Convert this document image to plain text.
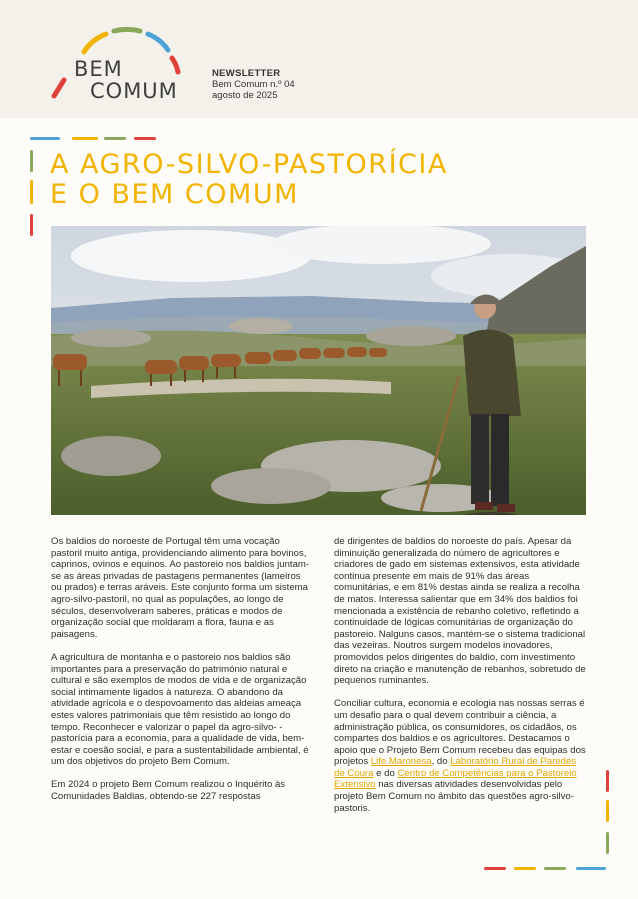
BEM
COMUM
NEWSLETTER
Bem Comum n.º 04
agosto de 2025
A AGRO-SILVO-PASTORÍCIA
E O BEM COMUM

Os baldios do noroeste de Portugal têm uma vocação pastoril muito antiga, providenciando alimento para bovinos, caprinos, ovinos e equinos. Ao pastoreio nos baldios juntam-se as áreas privadas de pastagens permanentes (lameiros ou prados) e terras aráveis. Este conjunto forma um sistema agro-silvo-pastoril, no qual as populações, ao longo de séculos, desenvolveram saberes, práticas e modos de organização social que moldaram a flora, fauna e as paisagens.

A agricultura de montanha e o pastoreio nos baldios são importantes para a preservação do património natural e cultural e são exemplos de modos de vida e de organização social intimamente ligados à natureza. O abandono da atividade agrícola e o despovoamento das aldeias ameaça estes valores patrimoniais que têm resistido ao longo do tempo. Reconhecer e valorizar o papel da agro-silvo- -pastorícia para a economia, para a qualidade de vida, bem-estar e coesão social, e para a sustentabilidade ambiental, é um dos objetivos do projeto Bem Comum.

Em 2024 o projeto Bem Comum realizou o Inquérito às Comunidades Baldias, obtendo-se 227 respostas

de dirigentes de baldios do noroeste do país. Apesar da diminuição generalizada do número de agricultores e criadores de gado em sistemas extensivos, esta atividade continua presente em mais de 91% das áreas comunitárias, e em 81% destas ainda se realiza a recolha de matos. Interessa salientar que em 34% dos baldios foi mencionada a existência de rebanho coletivo, refletindo a continuidade de lógicas comunitárias de organização do pastoreio. Nalguns casos, mantém-se o sistema tradicional das vezeiras. Noutros surgem modelos inovadores, promovidos pelos dirigentes do baldio, com investimento direto na criação e manutenção de rebanhos, sobretudo de pequenos ruminantes.

Conciliar cultura, economia e ecologia nas nossas serras é um desafio para o qual devem contribuir a ciência, a administração pública, os consumidores, os cidadãos, os compartes dos baldios e os agricultores. Destacamos o apoio que o Projeto Bem Comum recebeu das equipas dos projetos Life Maronesa, do Laboratório Rural de Paredes de Coura e do Centro de Competências para o Pastoreio Extensivo nas diversas atividades desenvolvidas pelo projeto Bem Comum no âmbito das questões agro-silvo-pastoris.
